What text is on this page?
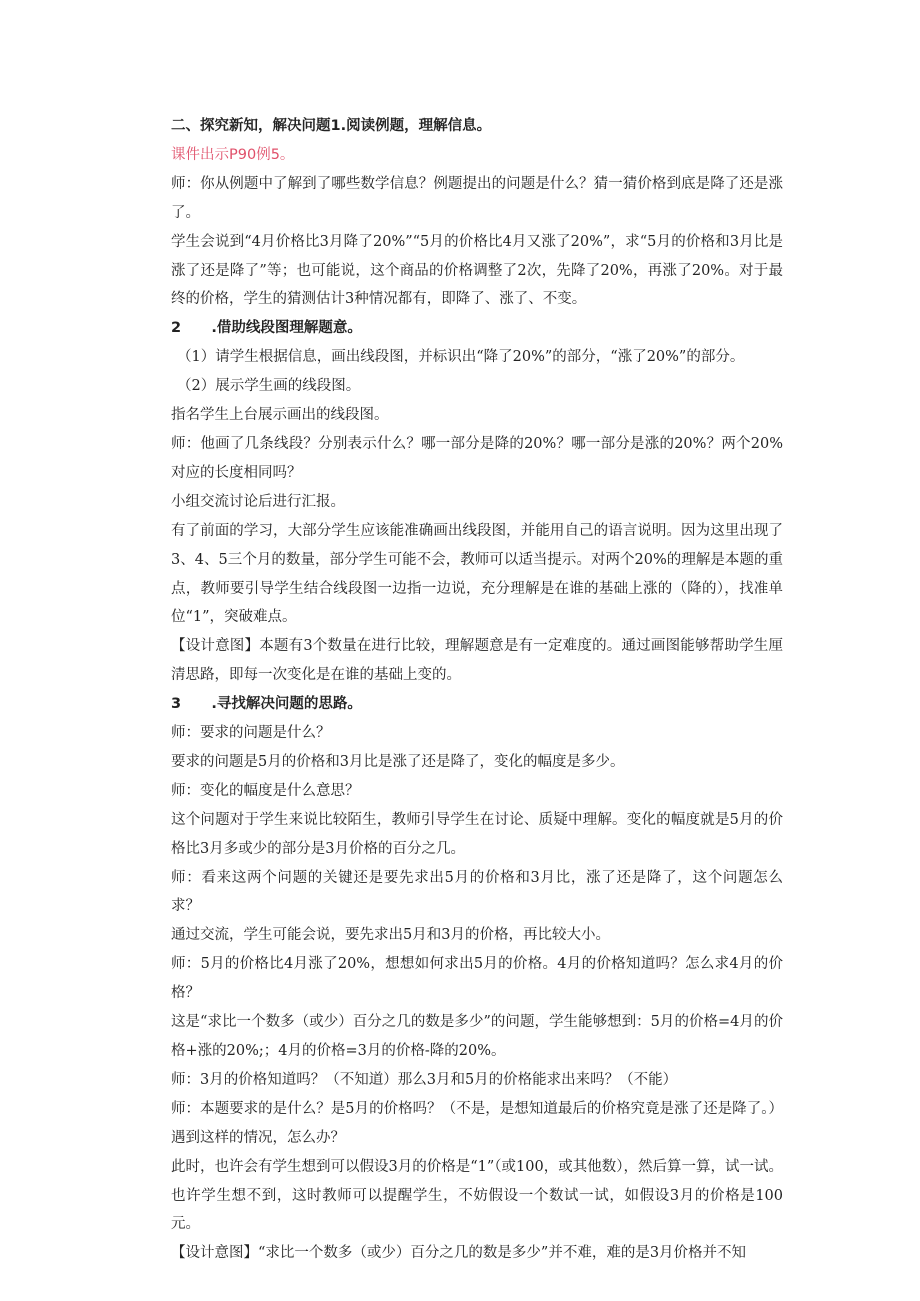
二、探究新知，解决问题1.阅读例题，理解信息。

课件出示P90例5。

师：你从例题中了解到了哪些数学信息？例题提出的问题是什么？猜一猜价格到底是降了还是涨了。

学生会说到“4月价格比3月降了20%”“5月的价格比4月又涨了20%”，求“5月的价格和3月比是涨了还是降了”等；也可能说，这个商品的价格调整了2次，先降了20%，再涨了20%。对于最终的价格，学生的猜测估计3种情况都有，即降了、涨了、不变。

2	.借助线段图理解题意。

（1）请学生根据信息，画出线段图，并标识出“降了20%”的部分，“涨了20%”的部分。

（2）展示学生画的线段图。

指名学生上台展示画出的线段图。

师：他画了几条线段？分别表示什么？哪一部分是降的20%？哪一部分是涨的20%？两个20%对应的长度相同吗？

小组交流讨论后进行汇报。

有了前面的学习，大部分学生应该能准确画出线段图，并能用自己的语言说明。因为这里出现了3、4、5三个月的数量，部分学生可能不会，教师可以适当提示。对两个20%的理解是本题的重点，教师要引导学生结合线段图一边指一边说，充分理解是在谁的基础上涨的（降的），找准单位“1”，突破难点。

【设计意图】本题有3个数量在进行比较，理解题意是有一定难度的。通过画图能够帮助学生厘清思路，即每一次变化是在谁的基础上变的。

3	.寻找解决问题的思路。

师：要求的问题是什么？

要求的问题是5月的价格和3月比是涨了还是降了，变化的幅度是多少。

师：变化的幅度是什么意思？

这个问题对于学生来说比较陌生，教师引导学生在讨论、质疑中理解。变化的幅度就是5月的价格比3月多或少的部分是3月价格的百分之几。

师：看来这两个问题的关键还是要先求出5月的价格和3月比，涨了还是降了，这个问题怎么求？

通过交流，学生可能会说，要先求出5月和3月的价格，再比较大小。

师：5月的价格比4月涨了20%，想想如何求出5月的价格。4月的价格知道吗？怎么求4月的价格？

这是“求比一个数多（或少）百分之几的数是多少”的问题，学生能够想到：5月的价格=4月的价格+涨的20%;；4月的价格=3月的价格-降的20%。

师：3月的价格知道吗？（不知道）那么3月和5月的价格能求出来吗？（不能）

师：本题要求的是什么？是5月的价格吗？（不是，是想知道最后的价格究竟是涨了还是降了。）遇到这样的情况，怎么办？

此时，也许会有学生想到可以假设3月的价格是“1”（或100，或其他数），然后算一算，试一试。也许学生想不到，这时教师可以提醒学生，不妨假设一个数试一试，如假设3月的价格是100元。

【设计意图】“求比一个数多（或少）百分之几的数是多少”并不难，难的是3月价格并不知
